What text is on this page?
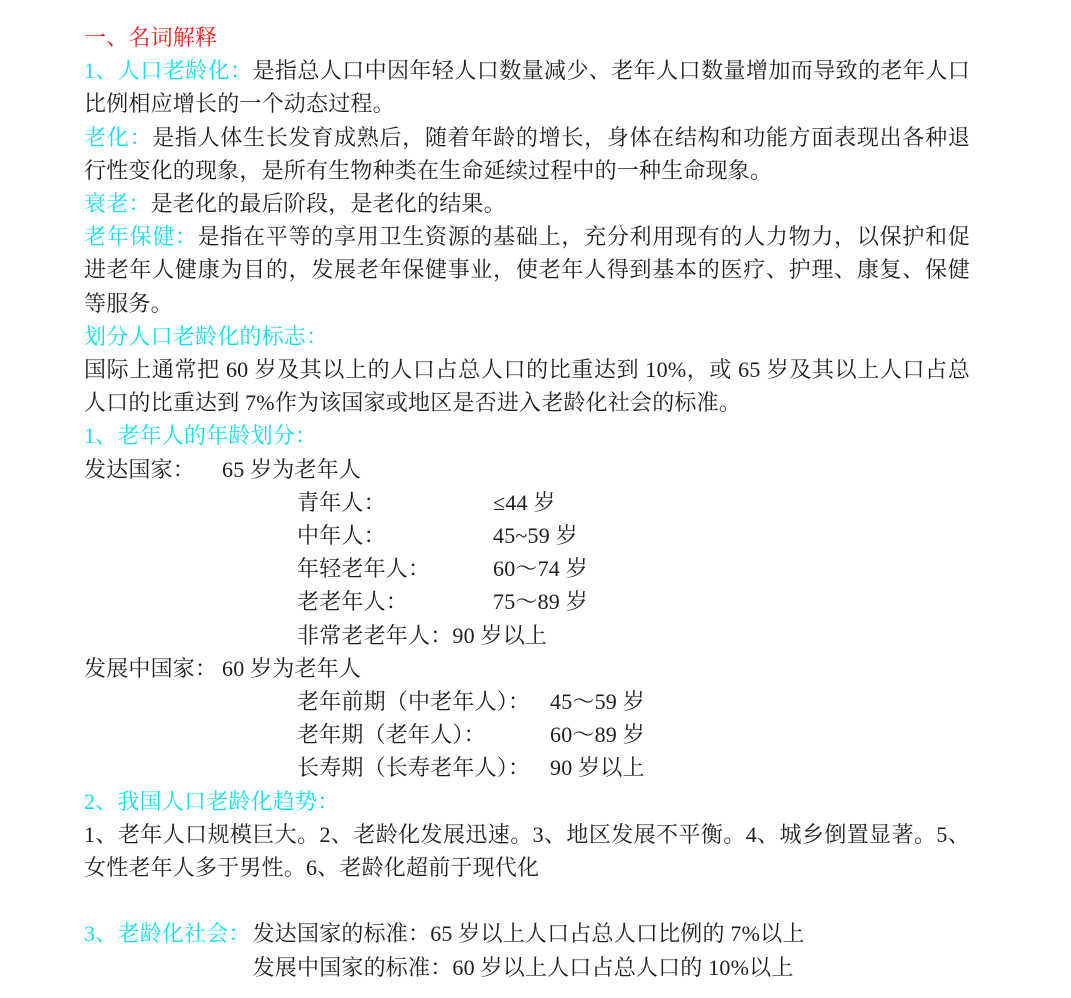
一、名词解释
1、人口老龄化：是指总人口中因年轻人口数量减少、老年人口数量增加而导致的老年人口比例相应增长的一个动态过程。
老化：是指人体生长发育成熟后，随着年龄的增长，身体在结构和功能方面表现出各种退行性变化的现象，是所有生物种类在生命延续过程中的一种生命现象。
衰老：是老化的最后阶段，是老化的结果。
老年保健：是指在平等的享用卫生资源的基础上，充分利用现有的人力物力，以保护和促进老年人健康为目的，发展老年保健事业，使老年人得到基本的医疗、护理、康复、保健等服务。
划分人口老龄化的标志：
国际上通常把 60 岁及其以上的人口占总人口的比重达到 10%，或 65 岁及其以上人口占总人口的比重达到 7%作为该国家或地区是否进入老龄化社会的标准。
1、老年人的年龄划分：
发达国家： 65 岁为老年人
青年人：	≤44 岁
中年人：	45~59 岁
年轻老年人：	60～74 岁
老老年人：	75～89 岁
非常老老年人：90 岁以上
发展中国家： 60 岁为老年人
老年前期（中老年人）： 45～59 岁
老年期（老年人）：	60～89 岁
长寿期（长寿老年人）： 90 岁以上
2、我国人口老龄化趋势：
1、老年人口规模巨大。2、老龄化发展迅速。3、地区发展不平衡。4、城乡倒置显著。5、女性老年人多于男性。6、老龄化超前于现代化
3、老龄化社会： 发达国家的标准：65 岁以上人口占总人口比例的 7%以上
发展中国家的标准：60 岁以上人口占总人口的 10%以上
